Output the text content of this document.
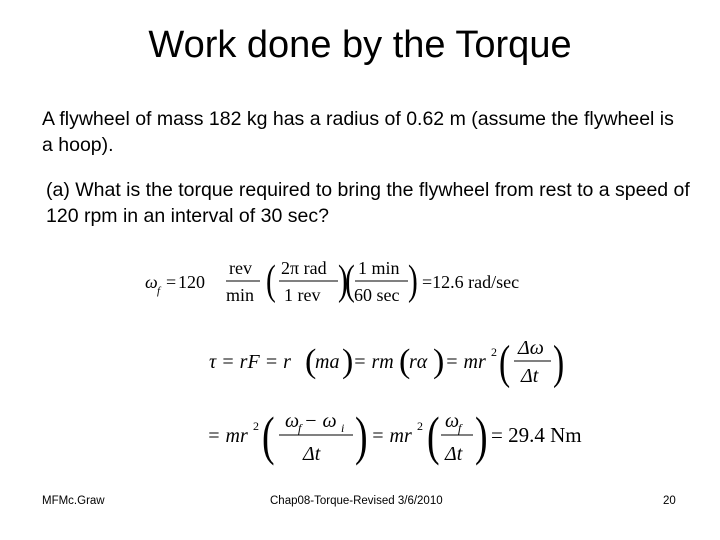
Work done by the Torque
A flywheel of mass 182 kg has a radius of 0.62 m (assume the flywheel is a hoop).
(a) What is the torque required to bring the flywheel from rest to a speed of 120 rpm in an interval of 30 sec?
ω f = 120
rev
min ( 2π rad
1 rev )
( 1 min
60 sec ) =12.6 rad/sec
τ = rF = r (
ma ) = rm (
rα ) = mr 2 ( Δω
Δt )
= mr 2 ( ω
f − ω i
Δt ) = mr 2 ( ω
f
Δt ) = 29.4 Nm
MFMc.Graw	Chap08-Torque-Revised 3/6/2010	20
